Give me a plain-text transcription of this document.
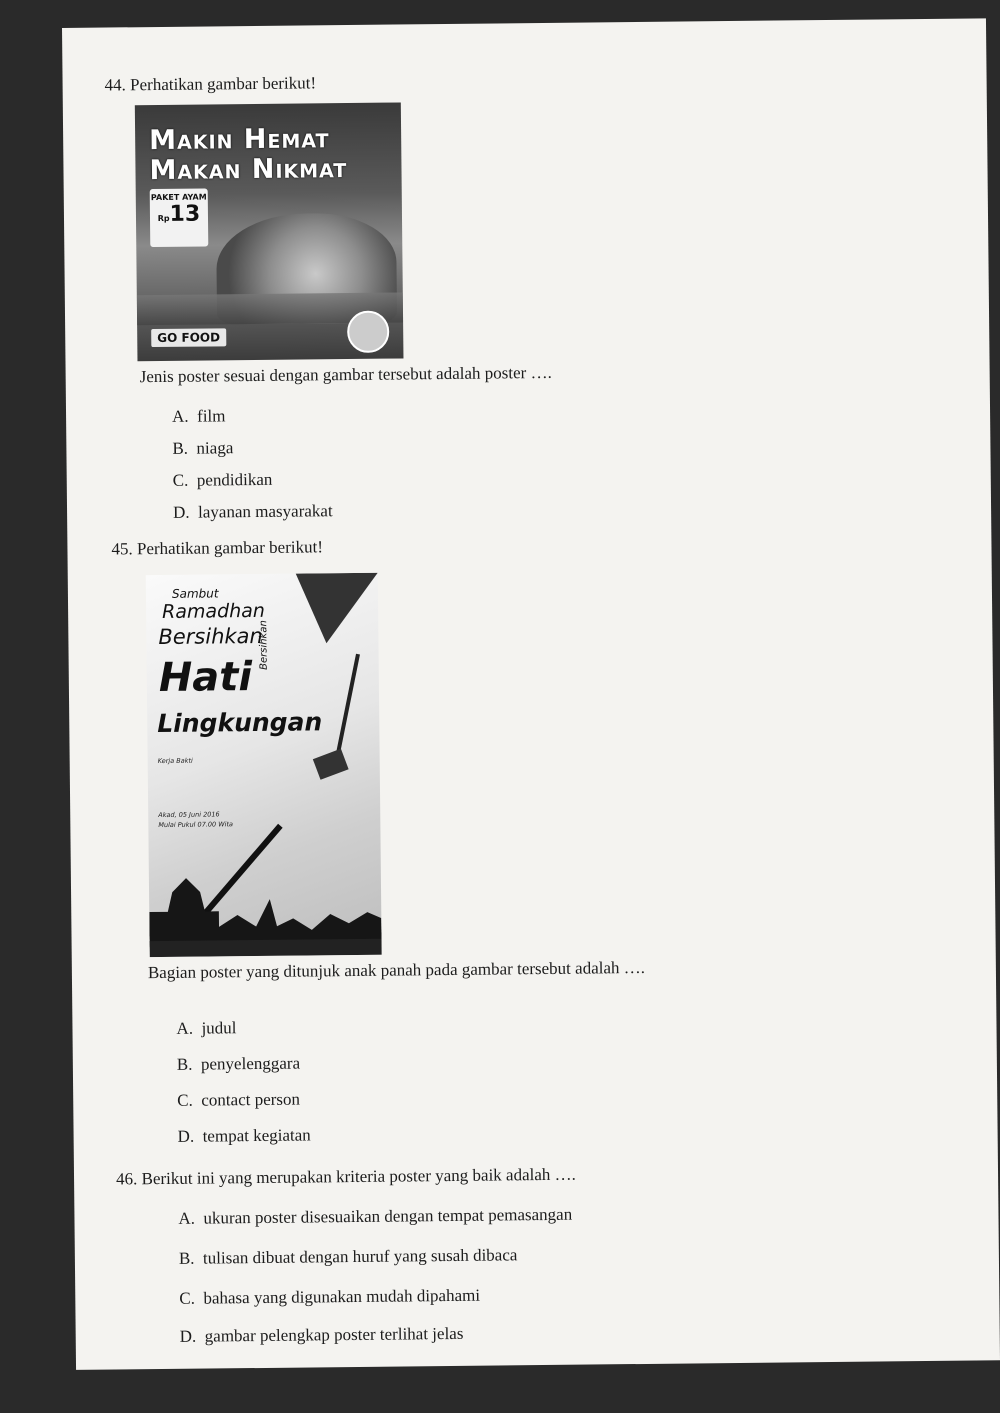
44. Perhatikan gambar berikut!
Makin Hemat
Makan Nikmat
PAKET AYAM
Rp13
GO FOOD
Jenis poster sesuai dengan gambar tersebut adalah poster ….
A. film
B. niaga
C. pendidikan
D. layanan masyarakat
45. Perhatikan gambar berikut!
Sambut
Ramadhan
Bersihkan
Hati
Lingkungan
Bersihkan
Kerja Bakti
Akad, 05 Juni 2016
Mulai Pukul 07.00 Wita
Bagian poster yang ditunjuk anak panah pada gambar tersebut adalah ….
A. judul
B. penyelenggara
C. contact person
D. tempat kegiatan
46. Berikut ini yang merupakan kriteria poster yang baik adalah ….
A. ukuran poster disesuaikan dengan tempat pemasangan
B. tulisan dibuat dengan huruf yang susah dibaca
C. bahasa yang digunakan mudah dipahami
D. gambar pelengkap poster terlihat jelas
